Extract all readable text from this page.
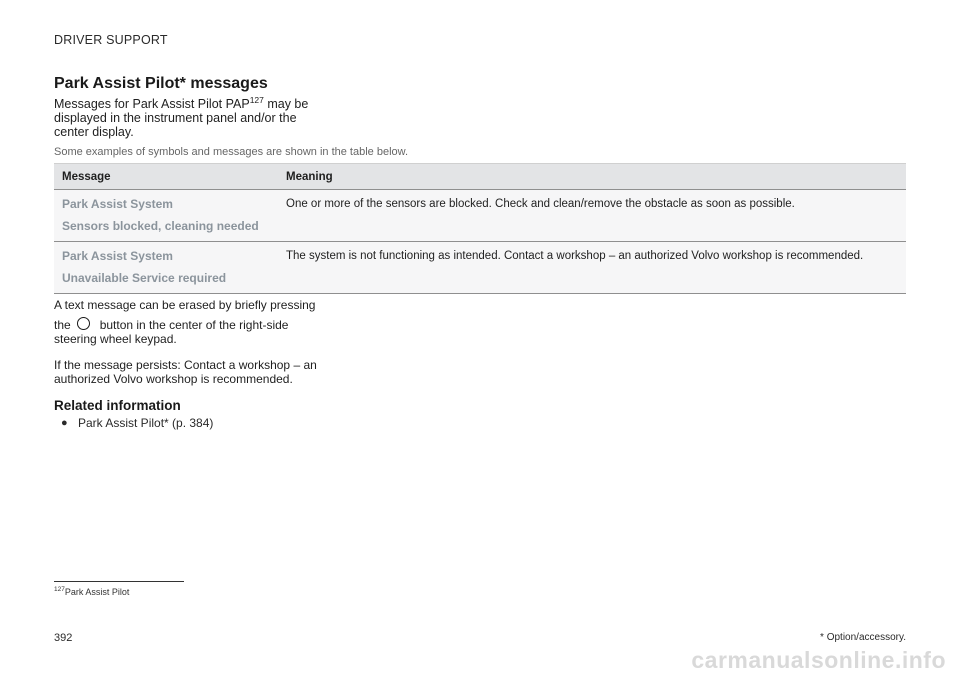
DRIVER SUPPORT
Park Assist Pilot* messages
Messages for Park Assist Pilot PAP$^{127}$ may be
displayed in the instrument panel and/or the
center display.
Some examples of symbols and messages are shown in the table below.
Message	Meaning

Park Assist System
Sensors blocked, cleaning needed	One or more of the sensors are blocked. Check and clean/remove the obstacle as soon as possible.

Park Assist System
Unavailable Service required	The system is not functioning as intended. Contact a workshop – an authorized Volvo workshop is recommended.
A text message can be erased by briefly pressing
the button in the center of the right-side
steering wheel keypad.
If the message persists: Contact a workshop – an
authorized Volvo workshop is recommended.
Related information
● Park Assist Pilot* (p. 384)
$^{127}$Park Assist Pilot
392	* Option/accessory.
carmanualsonline.info
